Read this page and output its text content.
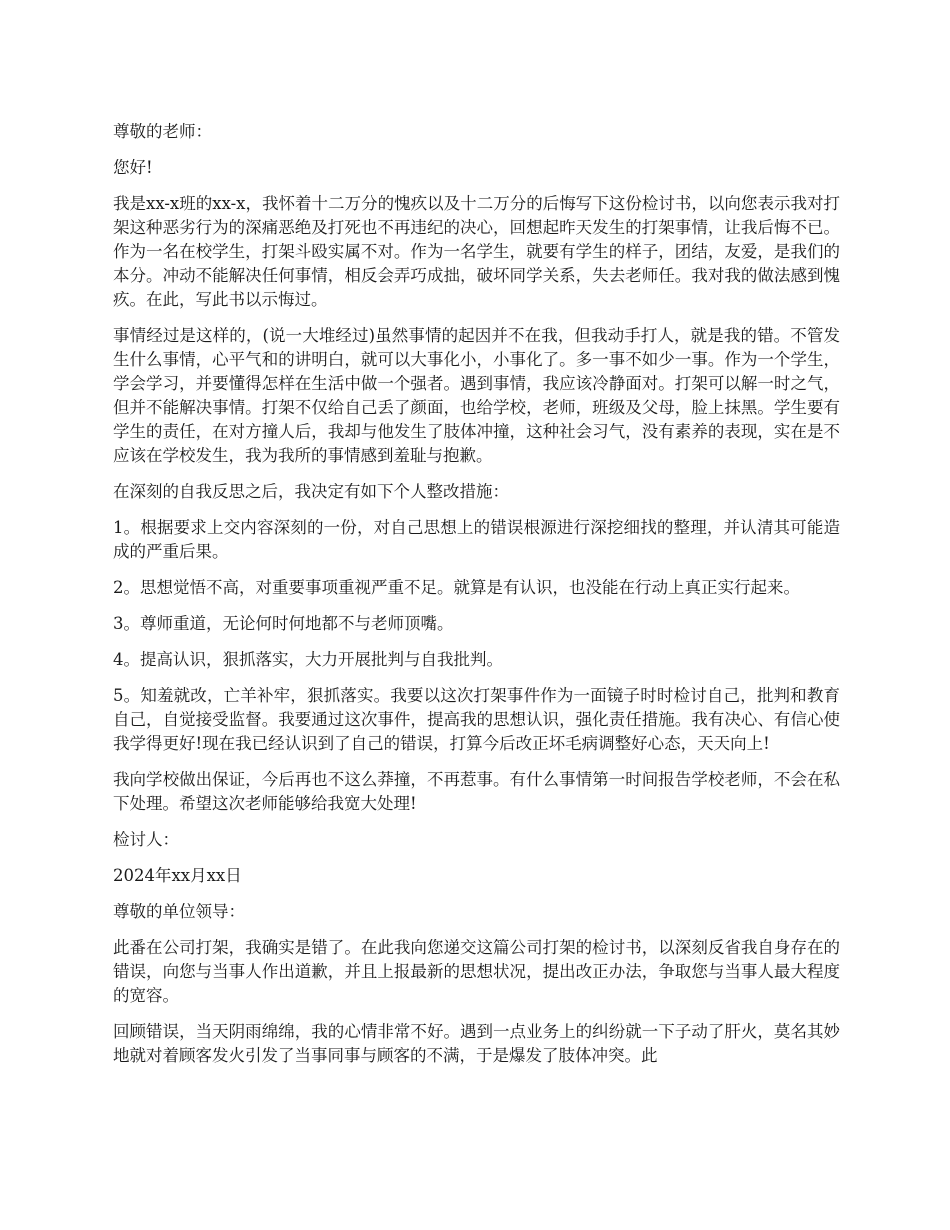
尊敬的老师：

您好!

我是xx-x班的xx-x，我怀着十二万分的愧疚以及十二万分的后悔写下这份检讨书，以向您表示我对打架这种恶劣行为的深痛恶绝及打死也不再违纪的决心，回想起昨天发生的打架事情，让我后悔不已。作为一名在校学生，打架斗殴实属不对。作为一名学生，就要有学生的样子，团结，友爱，是我们的本分。冲动不能解决任何事情，相反会弄巧成拙，破坏同学关系，失去老师任。我对我的做法感到愧疚。在此，写此书以示悔过。

事情经过是这样的，(说一大堆经过)虽然事情的起因并不在我，但我动手打人，就是我的错。不管发生什么事情，心平气和的讲明白，就可以大事化小，小事化了。多一事不如少一事。作为一个学生，学会学习，并要懂得怎样在生活中做一个强者。遇到事情，我应该冷静面对。打架可以解一时之气，但并不能解决事情。打架不仅给自己丢了颜面，也给学校，老师，班级及父母，脸上抹黑。学生要有学生的责任，在对方撞人后，我却与他发生了肢体冲撞，这种社会习气，没有素养的表现，实在是不应该在学校发生，我为我所的事情感到羞耻与抱歉。

在深刻的自我反思之后，我决定有如下个人整改措施：

1。根据要求上交内容深刻的一份，对自己思想上的错误根源进行深挖细找的整理，并认清其可能造成的严重后果。

2。思想觉悟不高，对重要事项重视严重不足。就算是有认识，也没能在行动上真正实行起来。

3。尊师重道，无论何时何地都不与老师顶嘴。

4。提高认识，狠抓落实，大力开展批判与自我批判。

5。知羞就改，亡羊补牢，狠抓落实。我要以这次打架事件作为一面镜子时时检讨自己，批判和教育自己，自觉接受监督。我要通过这次事件，提高我的思想认识，强化责任措施。我有决心、有信心使我学得更好!现在我已经认识到了自己的错误，打算今后改正坏毛病调整好心态，天天向上!

我向学校做出保证，今后再也不这么莽撞，不再惹事。有什么事情第一时间报告学校老师，不会在私下处理。希望这次老师能够给我宽大处理!

检讨人：

2024年xx月xx日

尊敬的单位领导：

此番在公司打架，我确实是错了。在此我向您递交这篇公司打架的检讨书，以深刻反省我自身存在的错误，向您与当事人作出道歉，并且上报最新的思想状况，提出改正办法，争取您与当事人最大程度的宽容。

回顾错误，当天阴雨绵绵，我的心情非常不好。遇到一点业务上的纠纷就一下子动了肝火，莫名其妙地就对着顾客发火引发了当事同事与顾客的不满，于是爆发了肢体冲突。此
